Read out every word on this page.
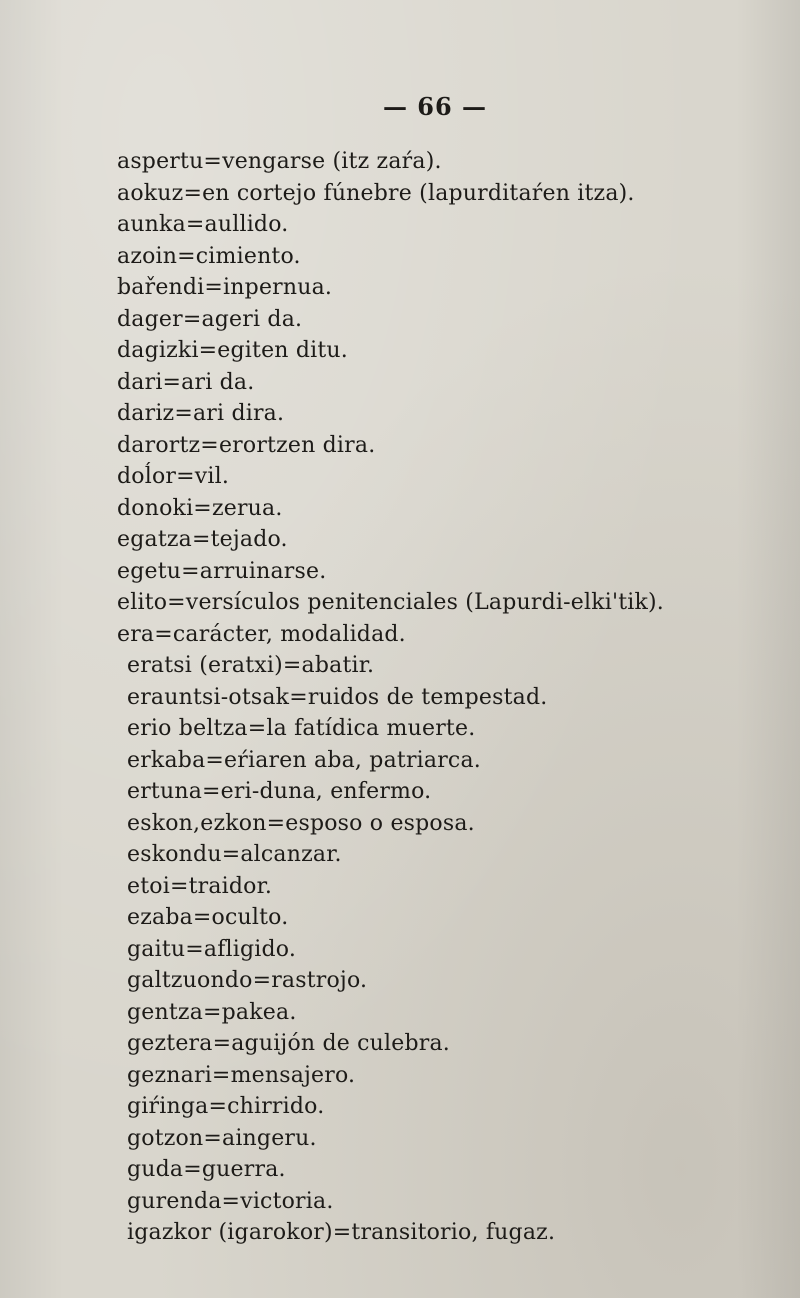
— 66 —
aspertu=vengarse (itz zaŕa).
aokuz=en cortejo fúnebre (lapurditaŕen itza).
aunka=aullido.
azoin=cimiento.
bařendi=inpernua.
dager=ageri da.
dagizki=egiten ditu.
dari=ari da.
dariz=ari dira.
darortz=erortzen dira.
doĺor=vil.
donoki=zerua.
egatza=tejado.
egetu=arruinarse.
elito=versículos penitenciales (Lapurdi-elki'tik).
era=carácter, modalidad.
eratsi (eratxi)=abatir.
erauntsi-otsak=ruidos de tempestad.
erio beltza=la fatídica muerte.
erkaba=eŕiaren aba, patriarca.
ertuna=eri-duna, enfermo.
eskon,ezkon=esposo o esposa.
eskondu=alcanzar.
etoi=traidor.
ezaba=oculto.
gaitu=afligido.
galtzuondo=rastrojo.
gentza=pakea.
geztera=aguijón de culebra.
geznari=mensajero.
giŕinga=chirrido.
gotzon=aingeru.
guda=guerra.
gurenda=victoria.
igazkor (igarokor)=transitorio, fugaz.
